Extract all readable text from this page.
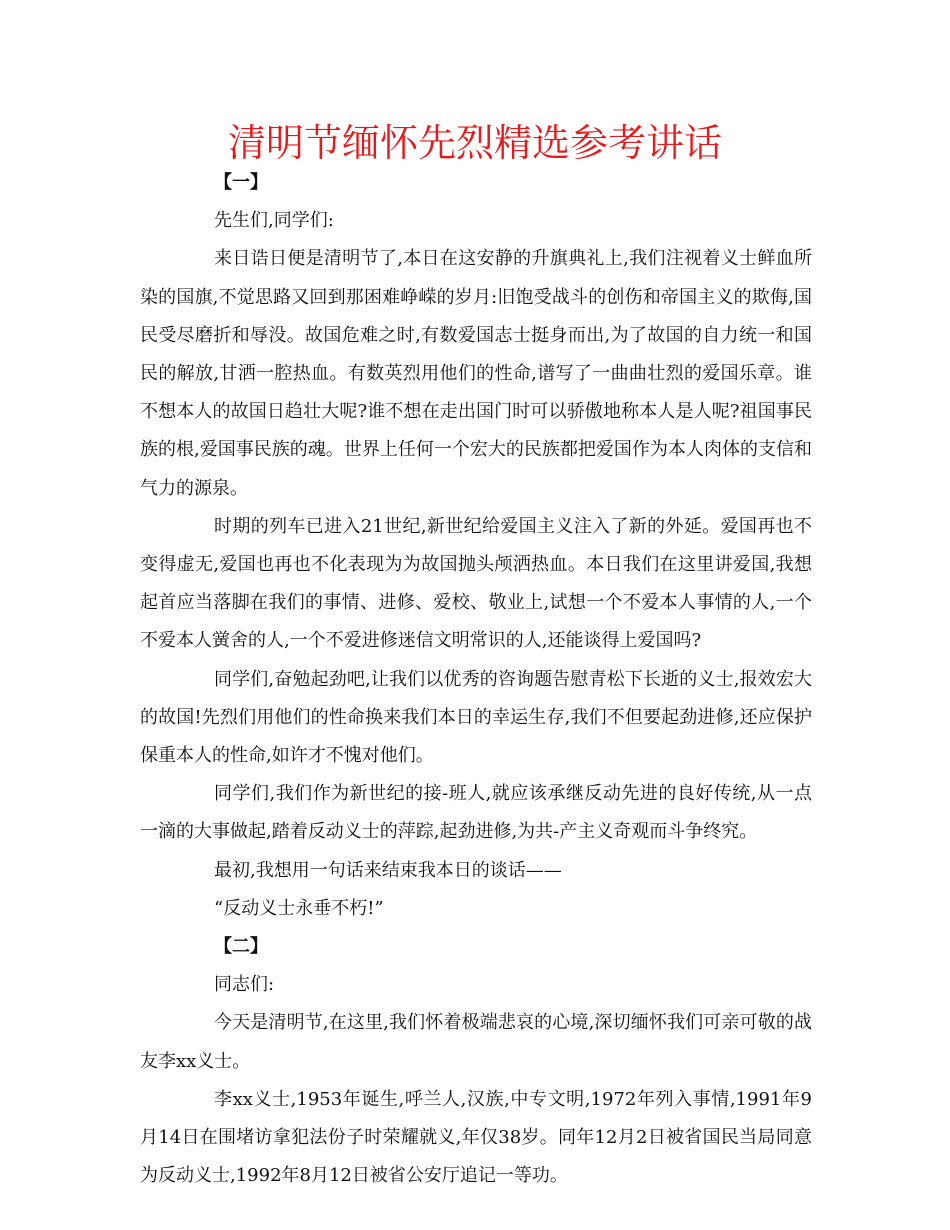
清明节缅怀先烈精选参考讲话

【一】

先生们,同学们:

来日诰日便是清明节了,本日在这安静的升旗典礼上,我们注视着义士鲜血所染的国旗,不觉思路又回到那困难峥嵘的岁月:旧饱受战斗的创伤和帝国主义的欺侮,国民受尽磨折和辱没。故国危难之时,有数爱国志士挺身而出,为了故国的自力统一和国民的解放,甘洒一腔热血。有数英烈用他们的性命,谱写了一曲曲壮烈的爱国乐章。谁不想本人的故国日趋壮大呢?谁不想在走出国门时可以骄傲地称本人是人呢?祖国事民族的根,爱国事民族的魂。世界上任何一个宏大的民族都把爱国作为本人肉体的支信和气力的源泉。

时期的列车已进入21世纪,新世纪给爱国主义注入了新的外延。爱国再也不变得虚无,爱国也再也不化表现为为故国抛头颅洒热血。本日我们在这里讲爱国,我想起首应当落脚在我们的事情、进修、爱校、敬业上,试想一个不爱本人事情的人,一个不爱本人黉舍的人,一个不爱进修迷信文明常识的人,还能谈得上爱国吗?

同学们,奋勉起劲吧,让我们以优秀的咨询题告慰青松下长逝的义士,报效宏大的故国!先烈们用他们的性命换来我们本日的幸运生存,我们不但要起劲进修,还应保护保重本人的性命,如许才不愧对他们。

同学们,我们作为新世纪的接-班人,就应该承继反动先进的良好传统,从一点一滴的大事做起,踏着反动义士的萍踪,起劲进修,为共-产主义奇观而斗争终究。

最初,我想用一句话来结束我本日的谈话——

“反动义士永垂不朽!”

【二】

同志们:

今天是清明节,在这里,我们怀着极端悲哀的心境,深切缅怀我们可亲可敬的战友李xx义士。

李xx义士,1953年诞生,呼兰人,汉族,中专文明,1972年列入事情,1991年9月14日在围堵访拿犯法份子时荣耀就义,年仅38岁。同年12月2日被省国民当局同意为反动义士,1992年8月12日被省公安厅追记一等功。
